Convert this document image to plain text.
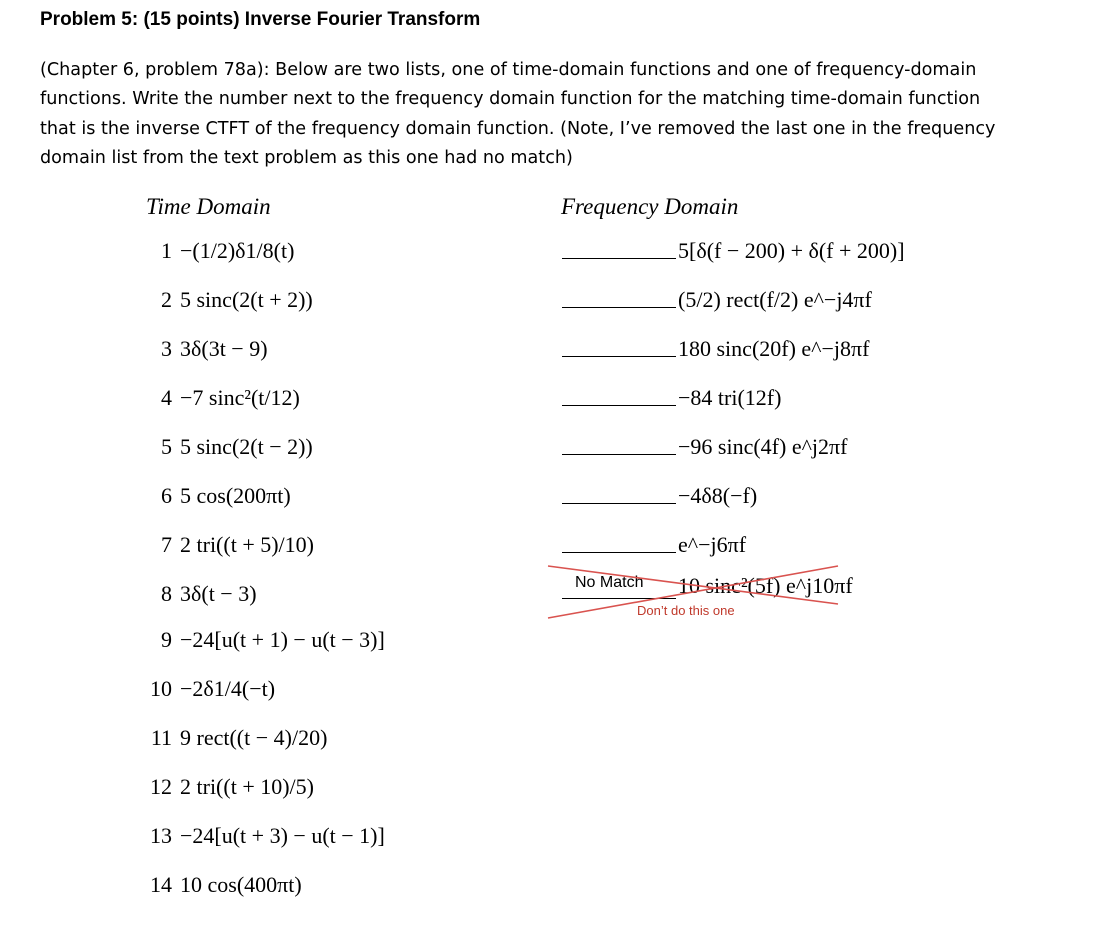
Problem 5: (15 points) Inverse Fourier Transform
(Chapter 6, problem 78a): Below are two lists, one of time-domain functions and one of frequency-domain
functions. Write the number next to the frequency domain function for the matching time-domain function
that is the inverse CTFT of the frequency domain function. (Note, I’ve removed the last one in the frequency
domain list from the text problem as this one had no match)
Time Domain	Frequency Domain
1 −(1/2)δ1/8(t)
2 5 sinc(2(t + 2))
3 3δ(3t − 9)
4 −7 sinc²(t/12)
5 5 sinc(2(t − 2))
6 5 cos(200πt)
7 2 tri((t + 5)/10)
8 3δ(t − 3)
9 −24[u(t + 1) − u(t − 3)]
10 −2δ1/4(−t)
11 9 rect((t − 4)/20)
12 2 tri((t + 10)/5)
13 −24[u(t + 3) − u(t − 1)]
14 10 cos(400πt)
5[δ(f − 200) + δ(f + 200)]
(5/2) rect(f/2) e^−j4πf
180 sinc(20f) e^−j8πf
−84 tri(12f)
−96 sinc(4f) e^j2πf
−4δ8(−f)
e^−j6πf
No Match 10 sinc²(5f) e^j10πf
Don’t do this one
